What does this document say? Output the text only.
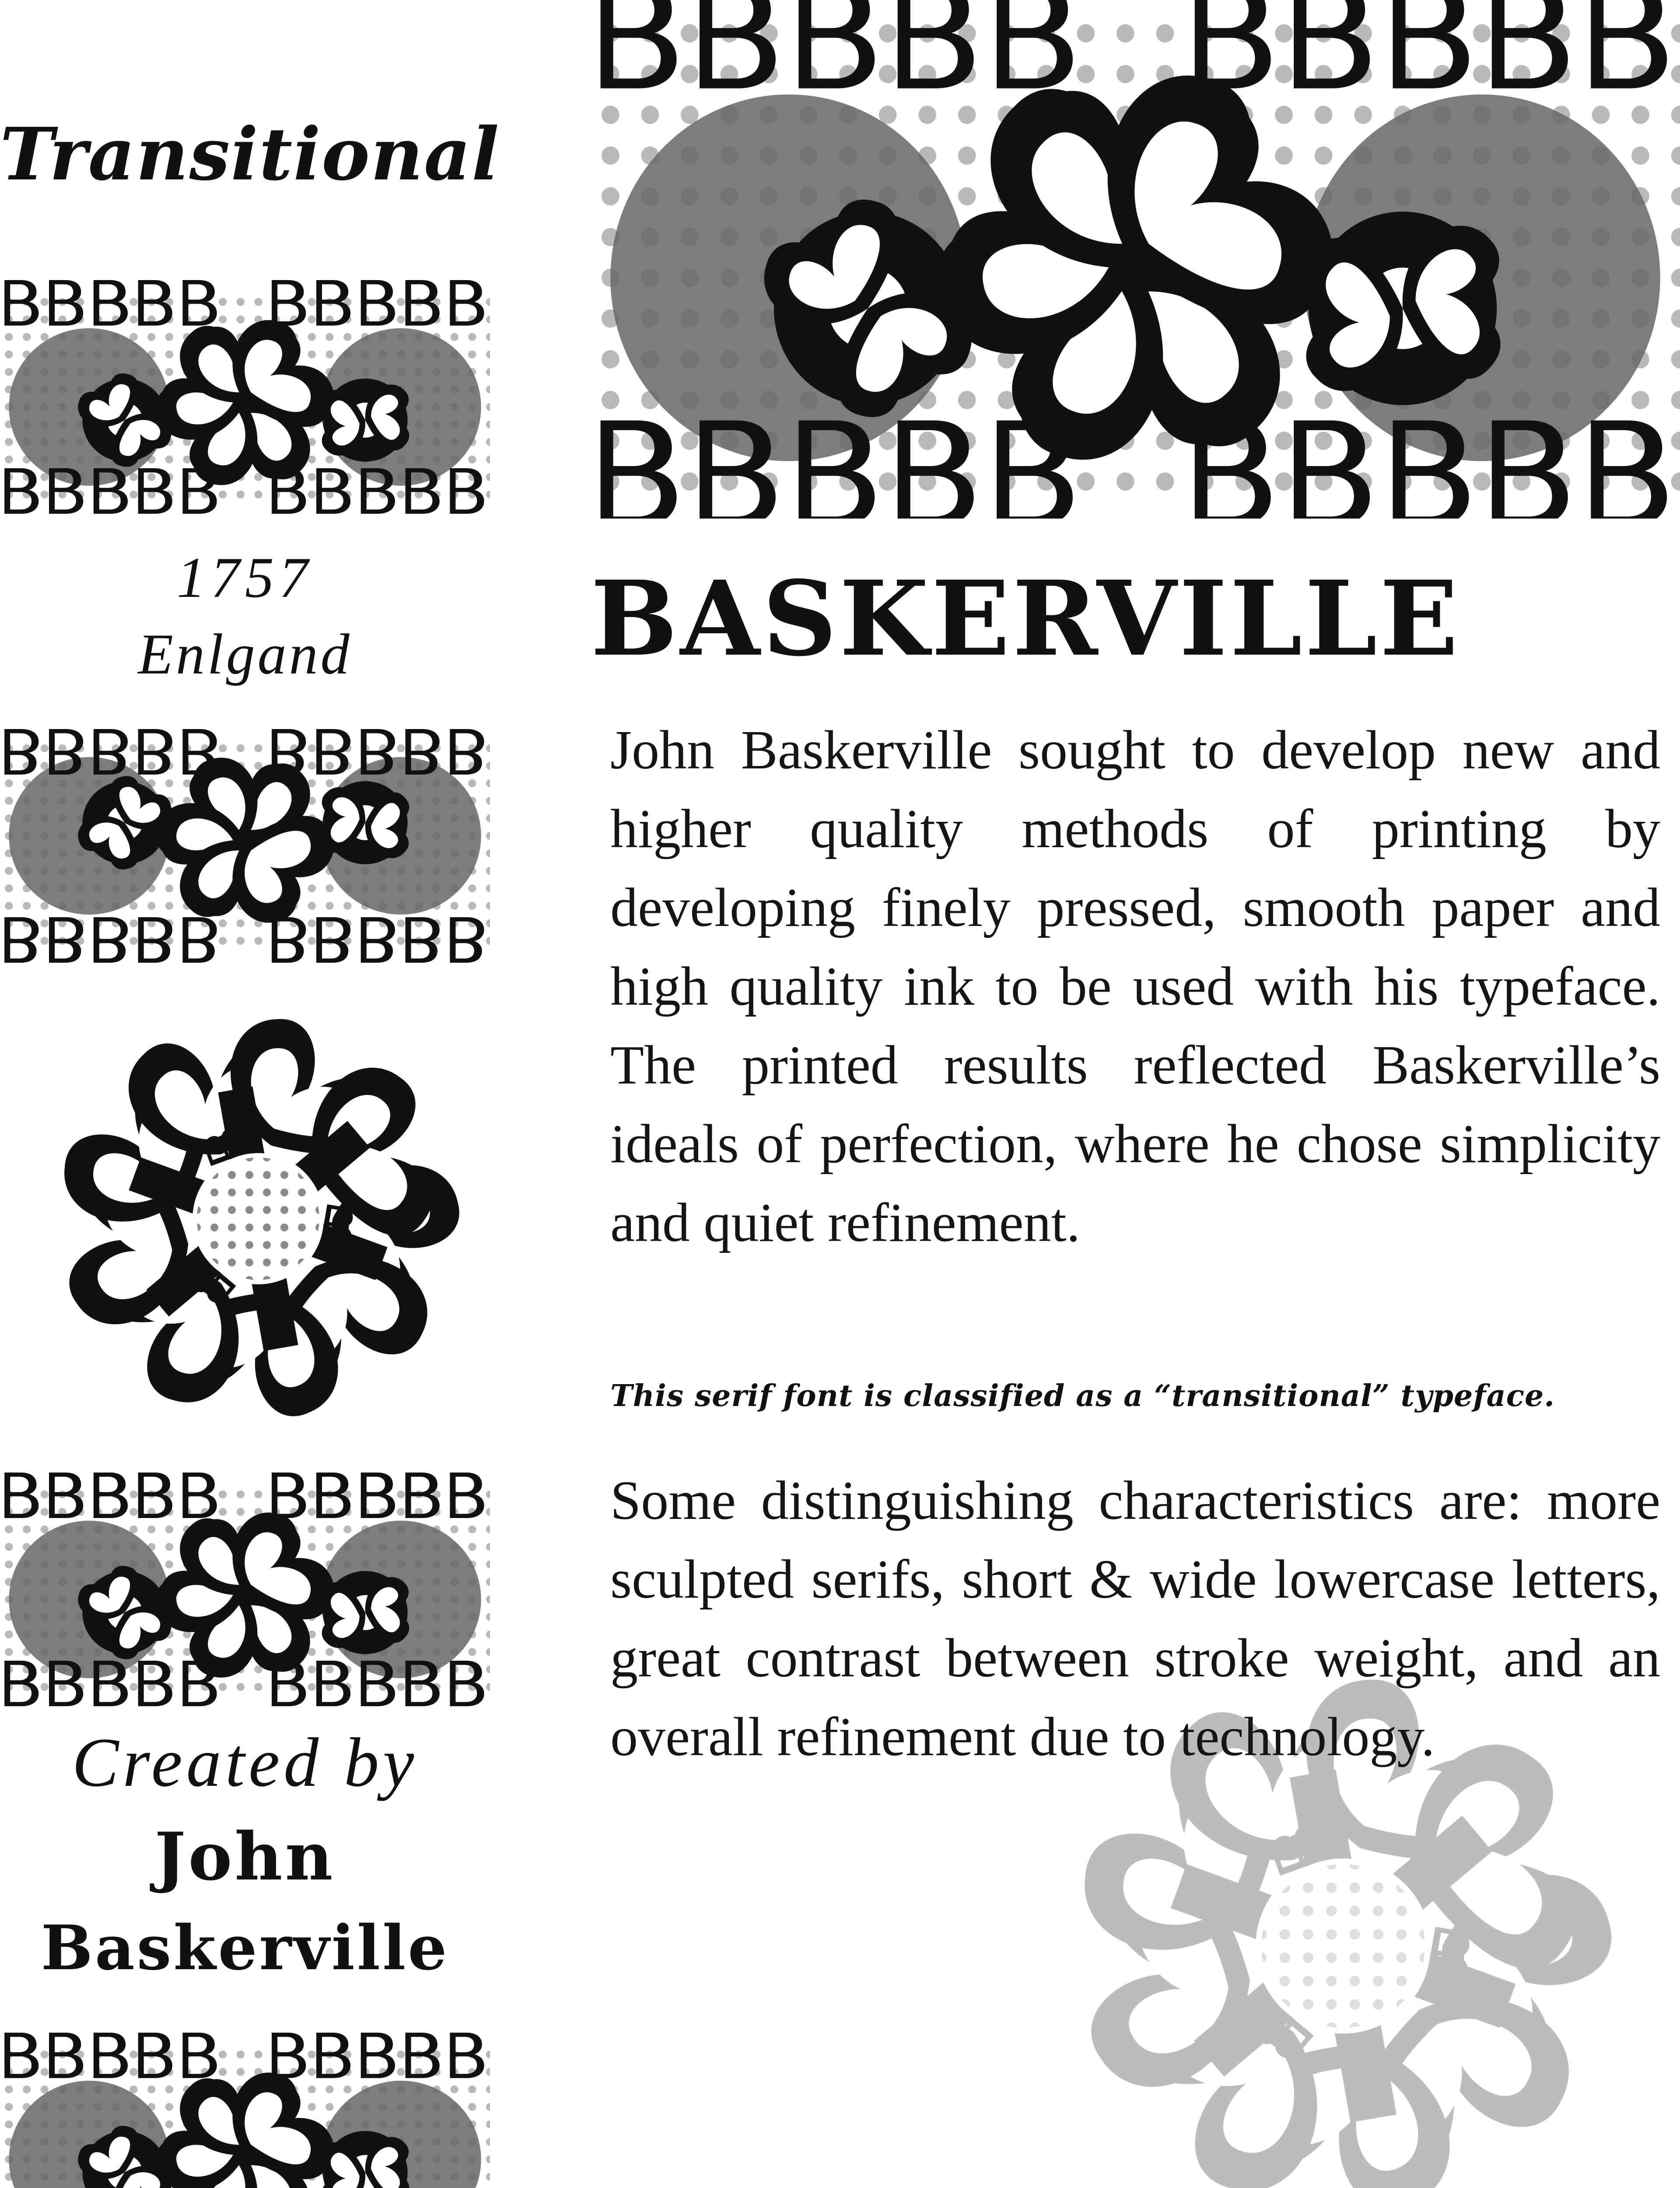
Transitional
1757
Enlgand
Created by
John
Baskerville
BASKERVILLE
John Baskerville sought to develop new and higher quality methods of printing by developing finely pressed, smooth paper and high quality ink to be used with his typeface. The printed results reflected Baskerville’s ideals of perfection, where he chose simplicity and quiet refinement.
This serif font is classified as a “transitional” typeface.
Some distinguishing characteristics are: more sculpted serifs, short & wide lowercase letters, great contrast between stroke weight, and an overall refinement due to technology.
